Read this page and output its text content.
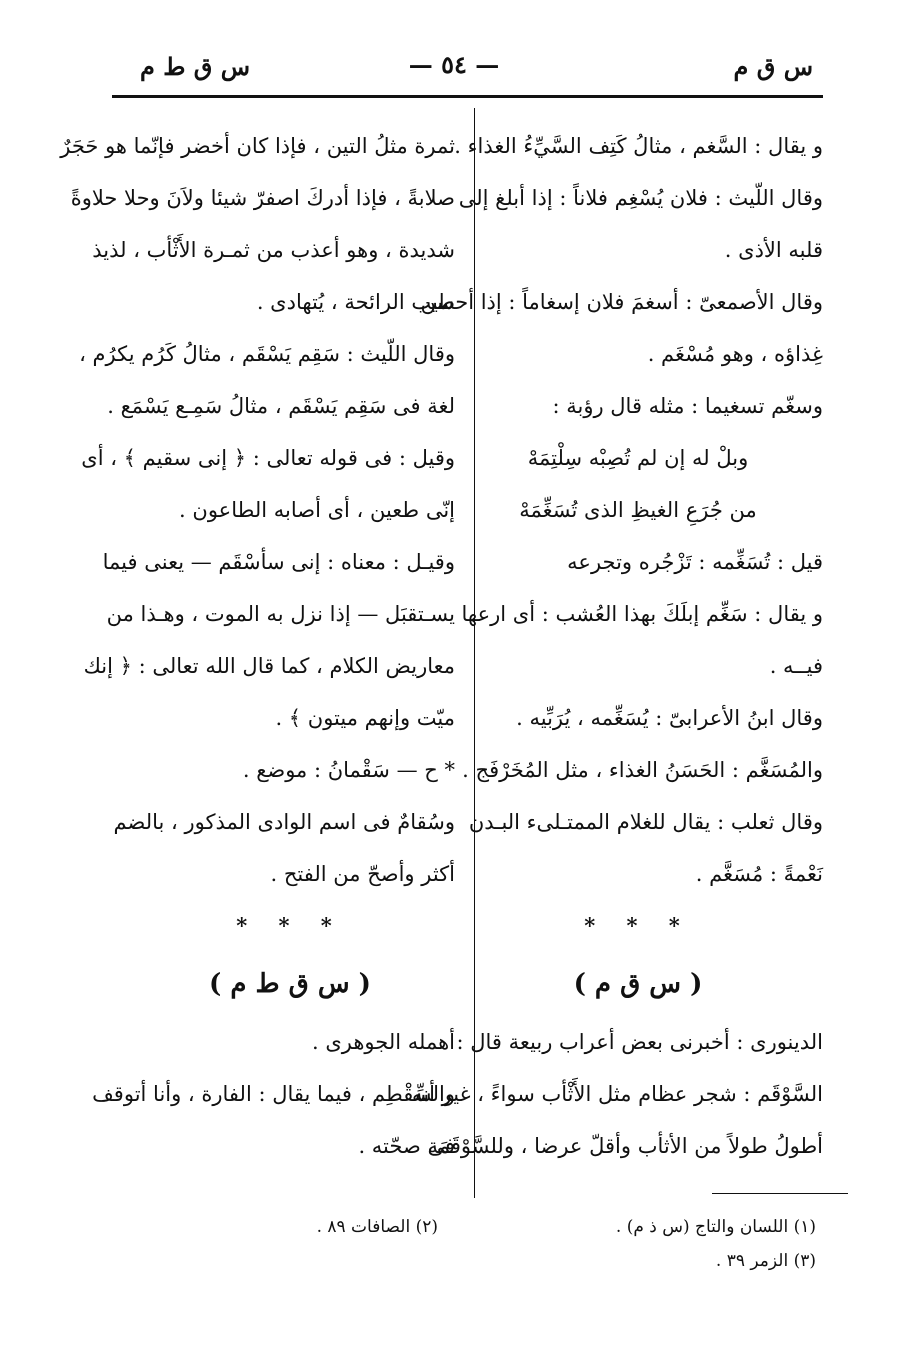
س ق م
— ٥٤ —
س ق ط م
و يقال : السَّغم ، مثالُ كَتِف السَّيِّءُ الغذاء .
وقال اللّيث : فلان يُسْغِم فلاناً : إذا أبلغ إلى
قلبه الأذى .
وقال الأصمعىّ : أسغمَ فلان إسغاماً : إذا أحسن
غِذاؤه ، وهو مُسْغَم .
وسغّم تسغيما : مثله قال رؤبة :
وبلْ له إن لم تُصِبْه سِلْتِمَهْ
من جُرَعِ الغيظِ الذى تُسَغِّمَهْ
قيل : تُسَغِّمه : تَزْجُره وتجرعه
و يقال : سَغِّم إبلَكَ بهذا العُشب : أى ارعها
فيــه .
وقال ابنُ الأعرابىّ : يُسَغِّمه ، يُرَبِّيه .
والمُسَغَّم : الحَسَنُ الغذاء ، مثل المُخَرْفَج .
وقال ثعلب : يقال للغلام الممتـلىء البـدن
نَعْمةً : مُسَغَّم .
* * *
( س ق م )
الدينورى : أخبرنى بعض أعراب ربيعة قال :
السَّوْقَم : شجر عظام مثل الأَثْأب سواءً ، غير أنه
أطولُ طولاً من الأثأب وأقلّ عرضا ، وللسَّوْقَمَة
ثمرة مثلُ التين ، فإذا كان أخضر فإنّما هو حَجَرٌ
صلابةً ، فإذا أدركَ اصفرّ شيئا ولاَنَ وحلا حلاوةً
شديدة ، وهو أعذب من ثمـرة الأَثْأب ، لذيذ
طيب الرائحة ، يُتهادى .
وقال اللّيث : سَقِم يَسْقَم ، مثالُ كَرُم يكرُم ،
لغة فى سَقِم يَسْقَم ، مثالُ سَمِـع يَسْمَع .
وقيل : فى قوله تعالى : ﴿ إنى سقيم ﴾ ، أى
إنّى طعين ، أى أصابه الطاعون .
وقيـل : معناه : إنى سأسْقَم — يعنى فيما
يسـتقبَل — إذا نزل به الموت ، وهـذا من
معاريض الكلام ، كما قال الله تعالى : ﴿ إنك
ميّت وإنهم ميتون ﴾ .
* ح — سَقْمانُ : موضع .
وسُقامٌ فى اسم الوادى المذكور ، بالضم
أكثر وأصحّ من الفتح .
* * *
( س ق ط م )
أهمله الجوهرى .
والسِّقْطِم ، فيما يقال : الفارة ، وأنا أتوقف
فى صحّته .
(١) اللسان والتاج (س ذ م) .
(٣) الزمر ٣٩ .
(٢) الصافات ٨٩ .
